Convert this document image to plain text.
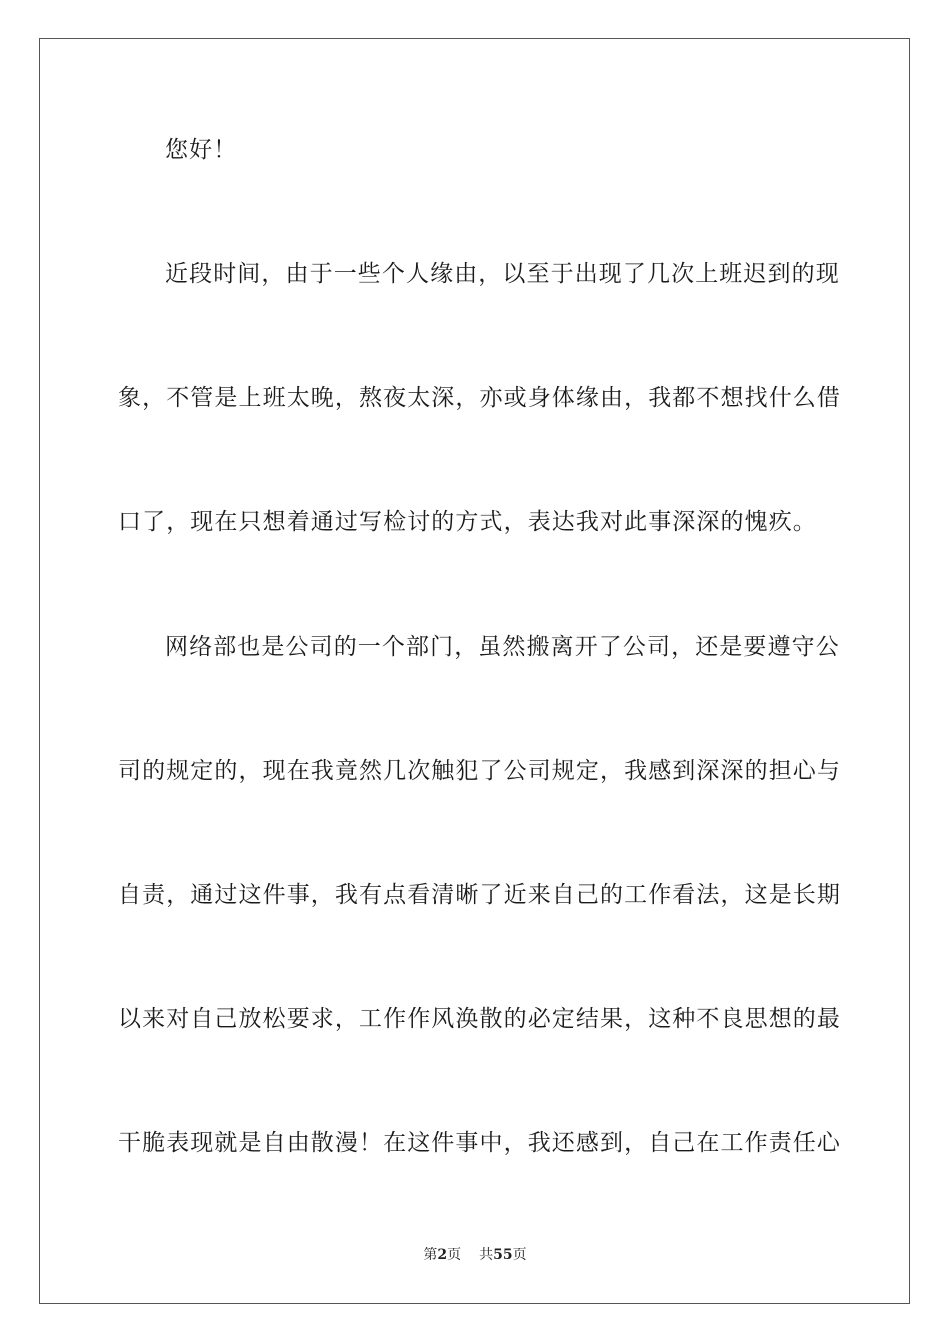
您好！
近段时间，由于一些个人缘由，以至于出现了几次上班迟到的现
象，不管是上班太晚，熬夜太深，亦或身体缘由，我都不想找什么借
口了，现在只想着通过写检讨的方式，表达我对此事深深的愧疚。
网络部也是公司的一个部门，虽然搬离开了公司，还是要遵守公
司的规定的，现在我竟然几次触犯了公司规定，我感到深深的担心与
自责，通过这件事，我有点看清晰了近来自己的工作看法，这是长期
以来对自己放松要求，工作作风涣散的必定结果，这种不良思想的最
干脆表现就是自由散漫！在这件事中，我还感到，自己在工作责任心
第2页 共55页
